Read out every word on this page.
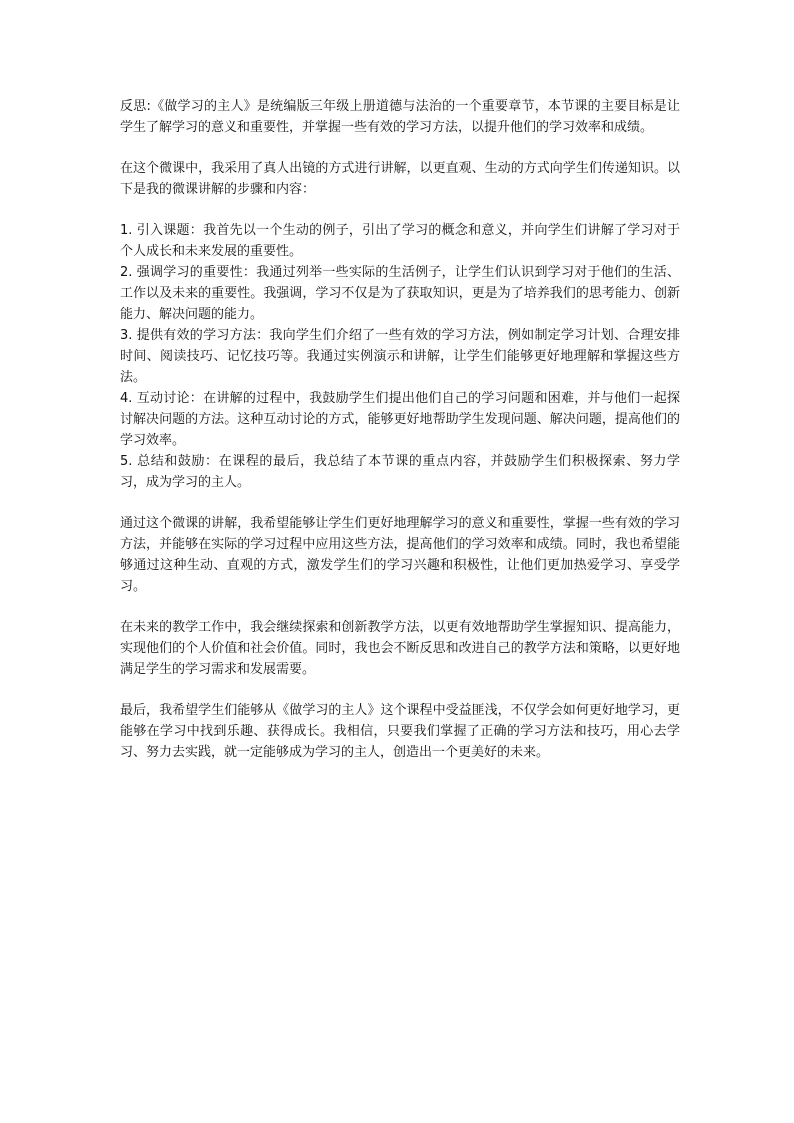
反思:《做学习的主人》是统编版三年级上册道德与法治的一个重要章节，本节课的主要目标是让学生了解学习的意义和重要性，并掌握一些有效的学习方法，以提升他们的学习效率和成绩。

在这个微课中，我采用了真人出镜的方式进行讲解，以更直观、生动的方式向学生们传递知识。以下是我的微课讲解的步骤和内容：

1. 引入课题：我首先以一个生动的例子，引出了学习的概念和意义，并向学生们讲解了学习对于个人成长和未来发展的重要性。

2. 强调学习的重要性：我通过列举一些实际的生活例子，让学生们认识到学习对于他们的生活、工作以及未来的重要性。我强调，学习不仅是为了获取知识，更是为了培养我们的思考能力、创新能力、解决问题的能力。

3. 提供有效的学习方法：我向学生们介绍了一些有效的学习方法，例如制定学习计划、合理安排时间、阅读技巧、记忆技巧等。我通过实例演示和讲解，让学生们能够更好地理解和掌握这些方法。

4. 互动讨论：在讲解的过程中，我鼓励学生们提出他们自己的学习问题和困难，并与他们一起探讨解决问题的方法。这种互动讨论的方式，能够更好地帮助学生发现问题、解决问题，提高他们的学习效率。

5. 总结和鼓励：在课程的最后，我总结了本节课的重点内容，并鼓励学生们积极探索、努力学习，成为学习的主人。

通过这个微课的讲解，我希望能够让学生们更好地理解学习的意义和重要性，掌握一些有效的学习方法，并能够在实际的学习过程中应用这些方法，提高他们的学习效率和成绩。同时，我也希望能够通过这种生动、直观的方式，激发学生们的学习兴趣和积极性，让他们更加热爱学习、享受学习。

在未来的教学工作中，我会继续探索和创新教学方法，以更有效地帮助学生掌握知识、提高能力，实现他们的个人价值和社会价值。同时，我也会不断反思和改进自己的教学方法和策略，以更好地满足学生的学习需求和发展需要。

最后，我希望学生们能够从《做学习的主人》这个课程中受益匪浅，不仅学会如何更好地学习，更能够在学习中找到乐趣、获得成长。我相信，只要我们掌握了正确的学习方法和技巧，用心去学习、努力去实践，就一定能够成为学习的主人，创造出一个更美好的未来。
